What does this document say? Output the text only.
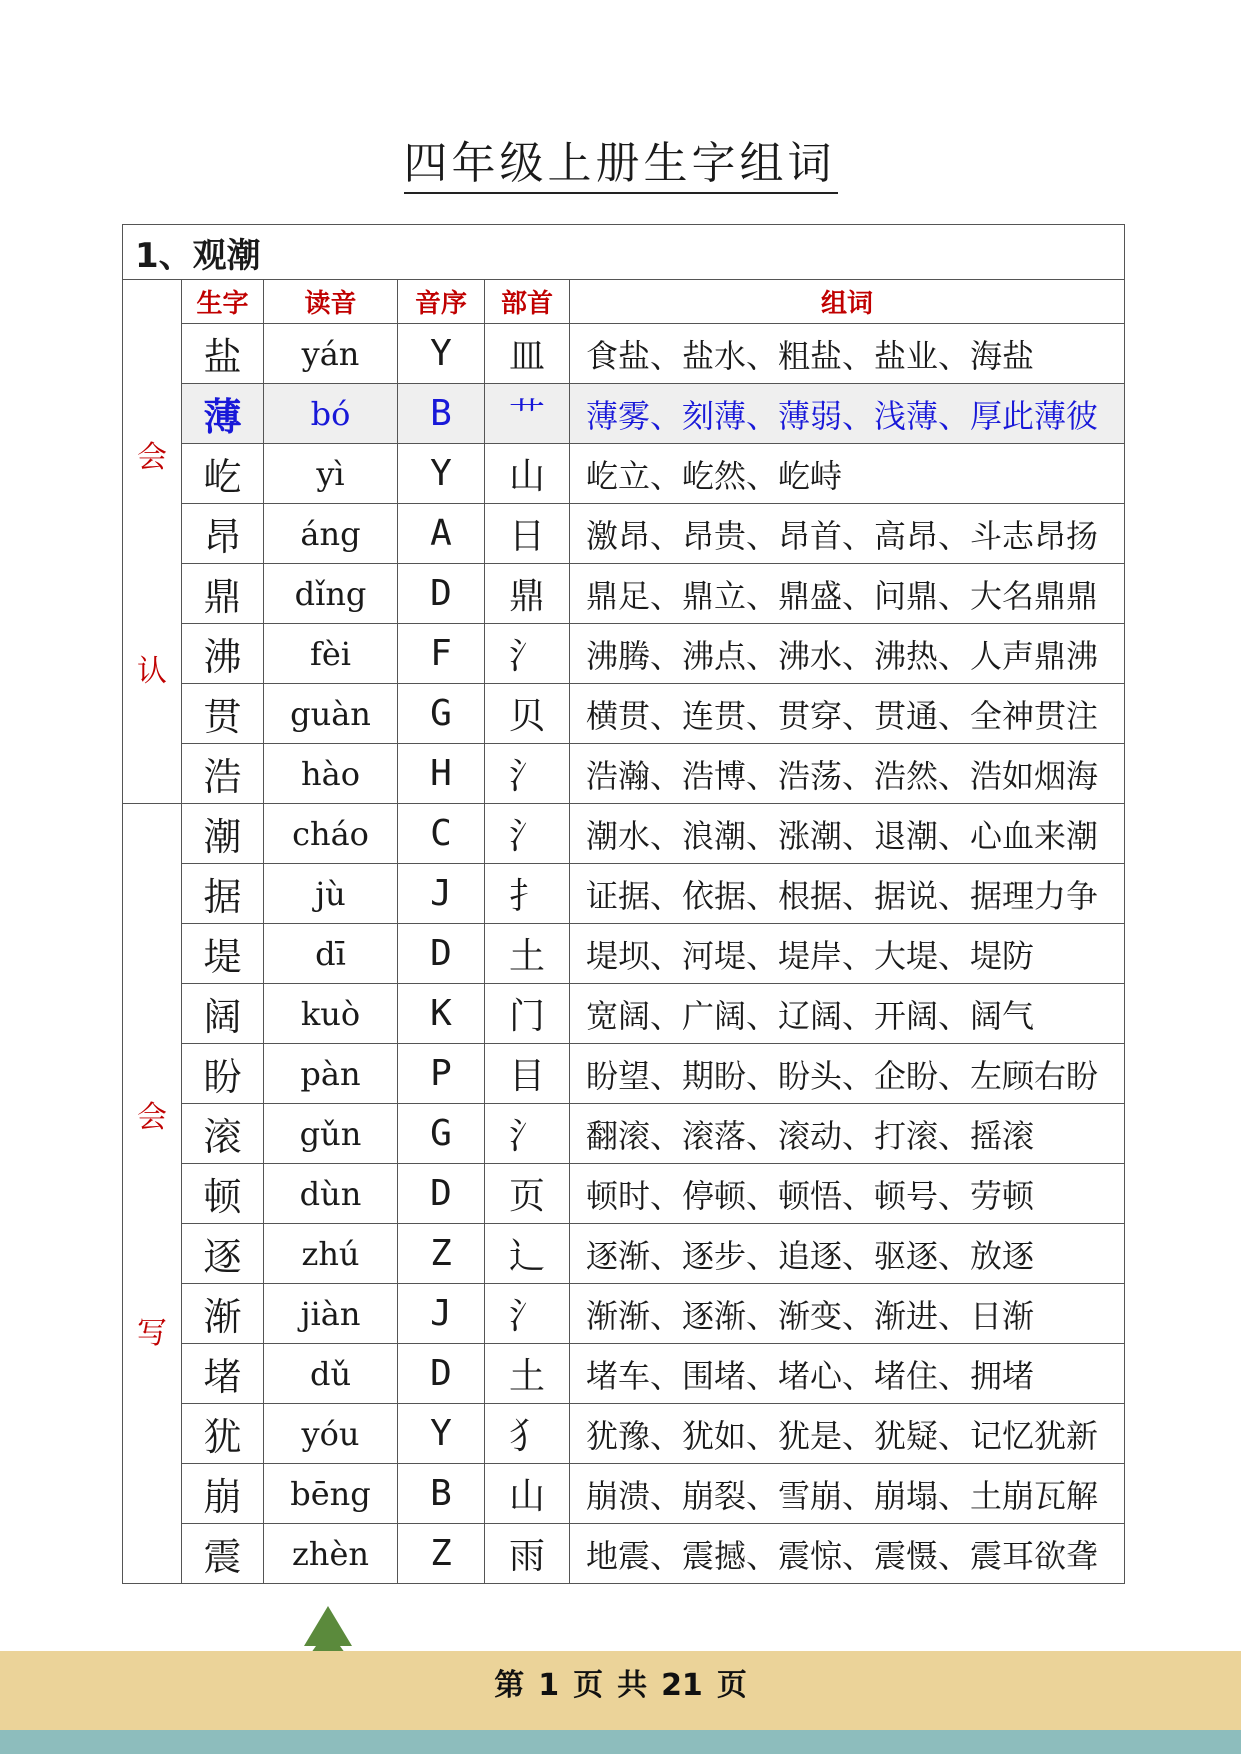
四年级上册生字组词
1、观潮					

会
认	生字	读音	音序	部首	组词
	盐	yán	Y	皿	食盐、盐水、粗盐、盐业、海盐
	薄	bó	B	艹	薄雾、刻薄、薄弱、浅薄、厚此薄彼
	屹	yì	Y	山	屹立、屹然、屹峙
	昂	áng	A	日	激昂、昂贵、昂首、高昂、斗志昂扬
	鼎	dǐng	D	鼎	鼎足、鼎立、鼎盛、问鼎、大名鼎鼎
	沸	fèi	F	氵	沸腾、沸点、沸水、沸热、人声鼎沸
	贯	guàn	G	贝	横贯、连贯、贯穿、贯通、全神贯注
	浩	hào	H	氵	浩瀚、浩博、浩荡、浩然、浩如烟海

会
写	潮	cháo	C	氵	潮水、浪潮、涨潮、退潮、心血来潮
	据	jù	J	扌	证据、依据、根据、据说、据理力争
	堤	dī	D	土	堤坝、河堤、堤岸、大堤、堤防
	阔	kuò	K	门	宽阔、广阔、辽阔、开阔、阔气
	盼	pàn	P	目	盼望、期盼、盼头、企盼、左顾右盼
	滚	gǔn	G	氵	翻滚、滚落、滚动、打滚、摇滚
	顿	dùn	D	页	顿时、停顿、顿悟、顿号、劳顿
	逐	zhú	Z	辶	逐渐、逐步、追逐、驱逐、放逐
	渐	jiàn	J	氵	渐渐、逐渐、渐变、渐进、日渐
	堵	dǔ	D	土	堵车、围堵、堵心、堵住、拥堵
	犹	yóu	Y	犭	犹豫、犹如、犹是、犹疑、记忆犹新
	崩	bēng	B	山	崩溃、崩裂、雪崩、崩塌、土崩瓦解
	震	zhèn	Z	雨	地震、震撼、震惊、震慑、震耳欲聋
第 1 页 共 21 页
